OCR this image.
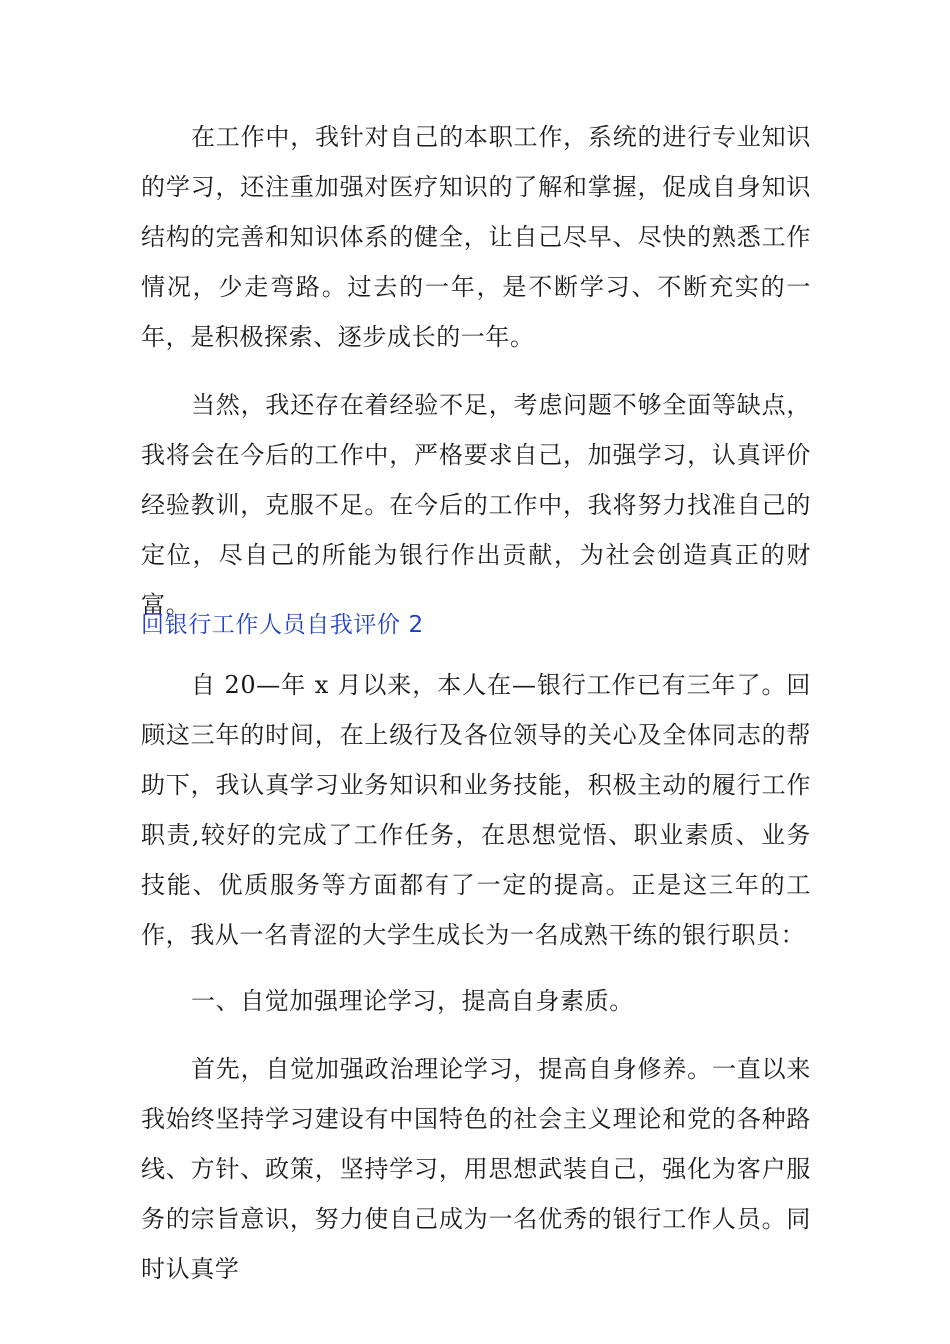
在工作中，我针对自己的本职工作，系统的进行专业知识的学习，还注重加强对医疗知识的了解和掌握，促成自身知识结构的完善和知识体系的健全，让自己尽早、尽快的熟悉工作情况，少走弯路。过去的一年，是不断学习、不断充实的一年，是积极探索、逐步成长的一年。

当然，我还存在着经验不足，考虑问题不够全面等缺点，我将会在今后的工作中，严格要求自己，加强学习，认真评价经验教训，克服不足。在今后的工作中，我将努力找准自己的定位，尽自己的所能为银行作出贡献，为社会创造真正的财富。

回银行工作人员自我评价 2

自 20—年 x 月以来，本人在—银行工作已有三年了。回顾这三年的时间，在上级行及各位领导的关心及全体同志的帮助下，我认真学习业务知识和业务技能，积极主动的履行工作职责,较好的完成了工作任务，在思想觉悟、职业素质、业务技能、优质服务等方面都有了一定的提高。正是这三年的工作，我从一名青涩的大学生成长为一名成熟干练的银行职员：

一、自觉加强理论学习，提高自身素质。

首先，自觉加强政治理论学习，提高自身修养。一直以来我始终坚持学习建设有中国特色的社会主义理论和党的各种路线、方针、政策，坚持学习，用思想武装自己，强化为客户服务的宗旨意识，努力使自己成为一名优秀的银行工作人员。同时认真学
